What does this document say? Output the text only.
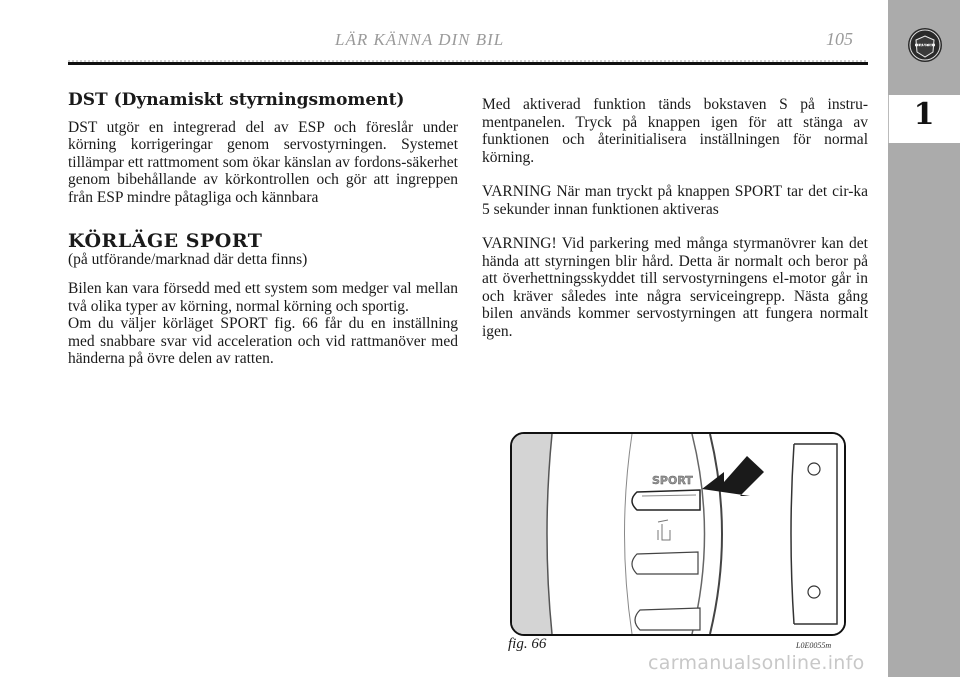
LÄR KÄNNA DIN BIL	105	LANCIA
1
DST (Dynamiskt styrningsmoment)

DST utgör en integrerad del av ESP och föreslår under körning korrigeringar genom servostyrningen. Systemet tillämpar ett rattmoment som ökar känslan av fordons-säkerhet genom bibehållande av körkontrollen och gör att ingreppen från ESP mindre påtagliga och kännbara

KÖRLÄGE SPORT

(på utförande/marknad där detta finns)

Bilen kan vara försedd med ett system som medger val mellan två olika typer av körning, normal körning och sportig.

Om du väljer körläget SPORT fig. 66 får du en inställning med snabbare svar vid acceleration och vid rattmanöver med händerna på övre delen av ratten.

Med aktiverad funktion tänds bokstaven S på instru-mentpanelen. Tryck på knappen igen för att stänga av funktionen och återinitialisera inställningen för normal körning.

VARNING När man tryckt på knappen SPORT tar det cir-ka 5 sekunder innan funktionen aktiveras

VARNING! Vid parkering med många styrmanövrer kan det hända att styrningen blir hård. Detta är normalt och beror på att överhettningsskyddet till servostyrningens el-motor går in och kräver således inte några serviceingrepp. Nästa gång bilen används kommer servostyrningen att fungera normalt igen.

SPORT
fig. 66	L0E0055m
carmanualsonline.info
